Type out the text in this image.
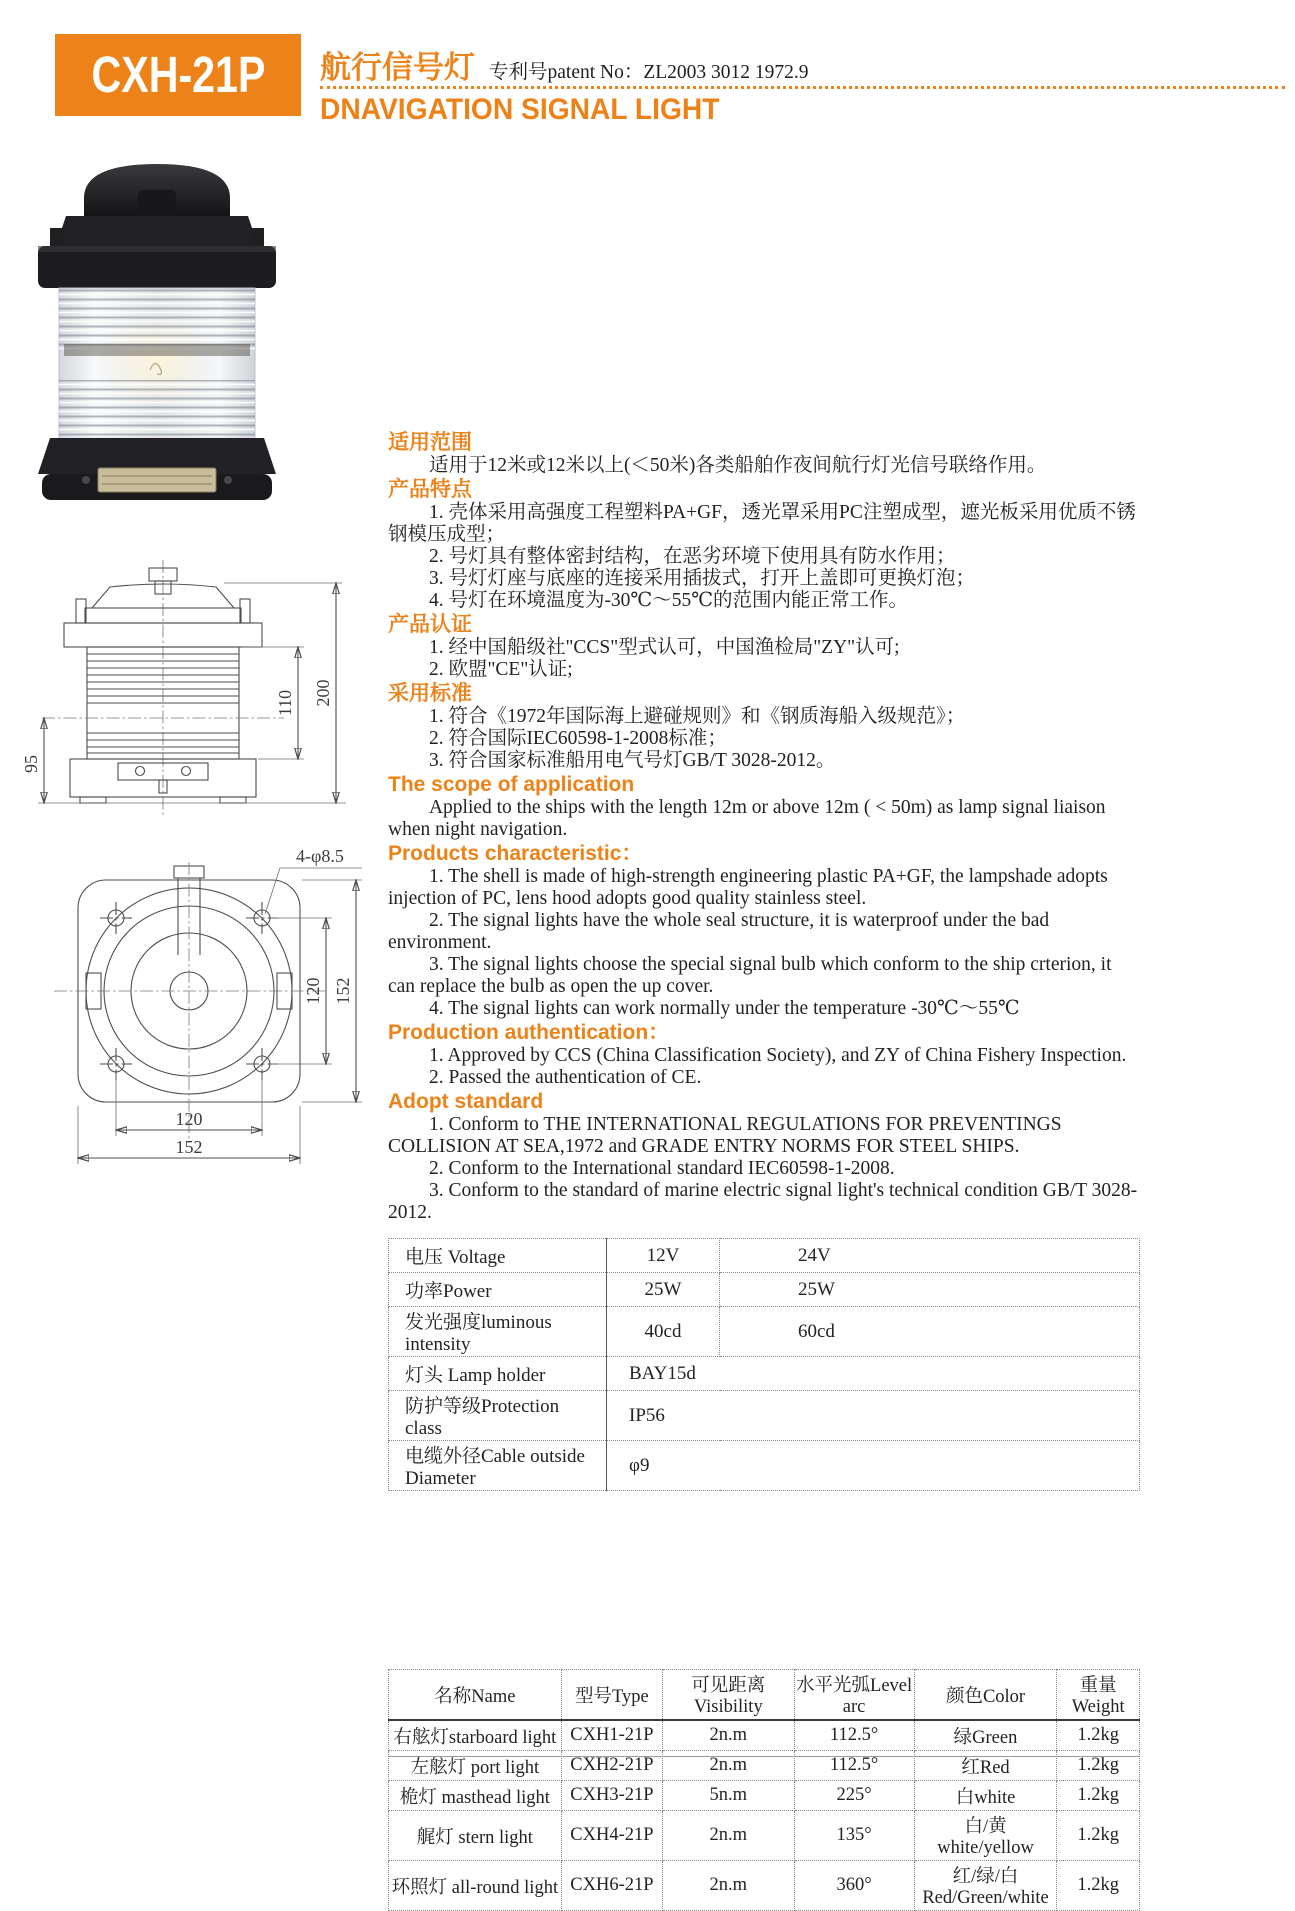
CXH-21P 航行信号灯 专利号patent No：ZL2003 3012 1972.9
DNAVIGATION SIGNAL LIGHT
110 200
95
4-φ8.5
120 152
120
152
适用范围

适用于12米或12米以上(＜50米)各类船舶作夜间航行灯光信号联络作用。

产品特点

1. 壳体采用高强度工程塑料PA+GF，透光罩采用PC注塑成型，遮光板采用优质不锈钢模压成型；

2. 号灯具有整体密封结构，在恶劣环境下使用具有防水作用；

3. 号灯灯座与底座的连接采用插拔式，打开上盖即可更换灯泡；

4. 号灯在环境温度为-30℃～55℃的范围内能正常工作。

产品认证

1. 经中国船级社"CCS"型式认可，中国渔检局"ZY"认可;

2. 欧盟"CE"认证;

采用标准

1. 符合《1972年国际海上避碰规则》和《钢质海船入级规范》；

2. 符合国际IEC60598-1-2008标准；

3. 符合国家标准船用电气号灯GB/T 3028-2012。

The scope of application

Applied to the ships with the length 12m or above 12m ( < 50m) as lamp signal liaison when night navigation.

Products characteristic：

1. The shell is made of high-strength engineering plastic PA+GF, the lampshade adopts injection of PC, lens hood adopts good quality stainless steel.

2. The signal lights have the whole seal structure, it is waterproof under the bad environment.

3. The signal lights choose the special signal bulb which conform to the ship crterion, it can replace the bulb as open the up cover.

4. The signal lights can work normally under the temperature -30℃～55℃

Production authentication：

1. Approved by CCS (China Classification Society), and ZY of China Fishery Inspection.

2. Passed the authentication of CE.

Adopt standard

1. Conform to THE INTERNATIONAL REGULATIONS FOR PREVENTINGS COLLISION AT SEA,1972 and GRADE ENTRY NORMS FOR STEEL SHIPS.

2. Conform to the International standard IEC60598-1-2008.

3. Conform to the standard of marine electric signal light's technical condition GB/T 3028-2012.

电压 Voltage	12V	24V
功率Power	25W	25W
发光强度luminous intensity	40cd	60cd
灯头 Lamp holder	BAY15d	
防护等级Protection class	IP56	
电缆外径Cable outside Diameter	φ9	
名称Name	型号Type	可见距离Visibility	水平光弧Level arc	颜色Color	重量Weight
右舷灯starboard light	CXH1-21P	2n.m	112.5°	绿Green	1.2kg
左舷灯 port light	CXH2-21P	2n.m	112.5°	红Red	1.2kg
桅灯 masthead light	CXH3-21P	5n.m	225°	白white	1.2kg
艉灯 stern light	CXH4-21P	2n.m	135°	白/黄 white/yellow	1.2kg
环照灯 all-round light	CXH6-21P	2n.m	360°	红/绿/白 Red/Green/white	1.2kg
